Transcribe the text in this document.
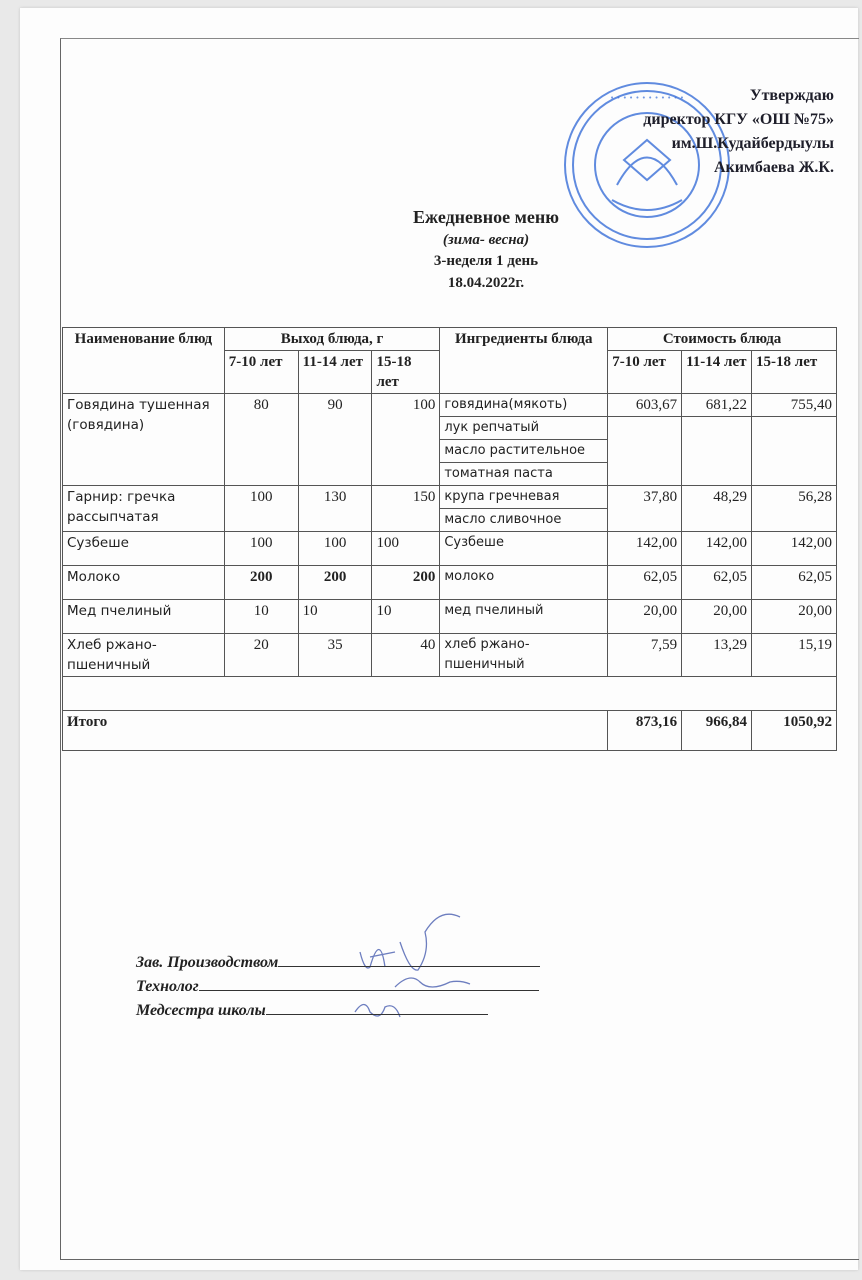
• • • • • • • • • • • •	Утверждаю
директор КГУ «ОШ №75»
им.Ш.Кудайбердыулы
Акимбаева Ж.К.
Ежедневное меню
(зима- весна)
3-неделя 1 день
18.04.2022г.
Наименование блюд	Выход блюда, г			Ингредиенты блюда	Стоимость блюда		
	7-10 лет	11-14 лет	15-18 лет		7-10 лет	11-14 лет	15-18 лет
Говядина тушенная (говядина)	80	90	100	говядина(мякоть)	603,67	681,22	755,40
				лук репчатый			
				масло растительное			
				томатная паста			
Гарнир: гречка рассыпчатая	100	130	150	крупа гречневая	37,80	48,29	56,28
				масло сливочное			
Сузбеше	100	100	100	Сузбеше	142,00	142,00	142,00
Молоко	200	200	200	молоко	62,05	62,05	62,05
Мед пчелиный	10	10	10	мед пчелиный	20,00	20,00	20,00
Хлеб ржано-пшеничный	20	35	40	хлеб ржано-пшеничный	7,59	13,29	15,19

Итого					873,16	966,84	1050,92
Зав. Производством
Технолог
Медсестра школы
